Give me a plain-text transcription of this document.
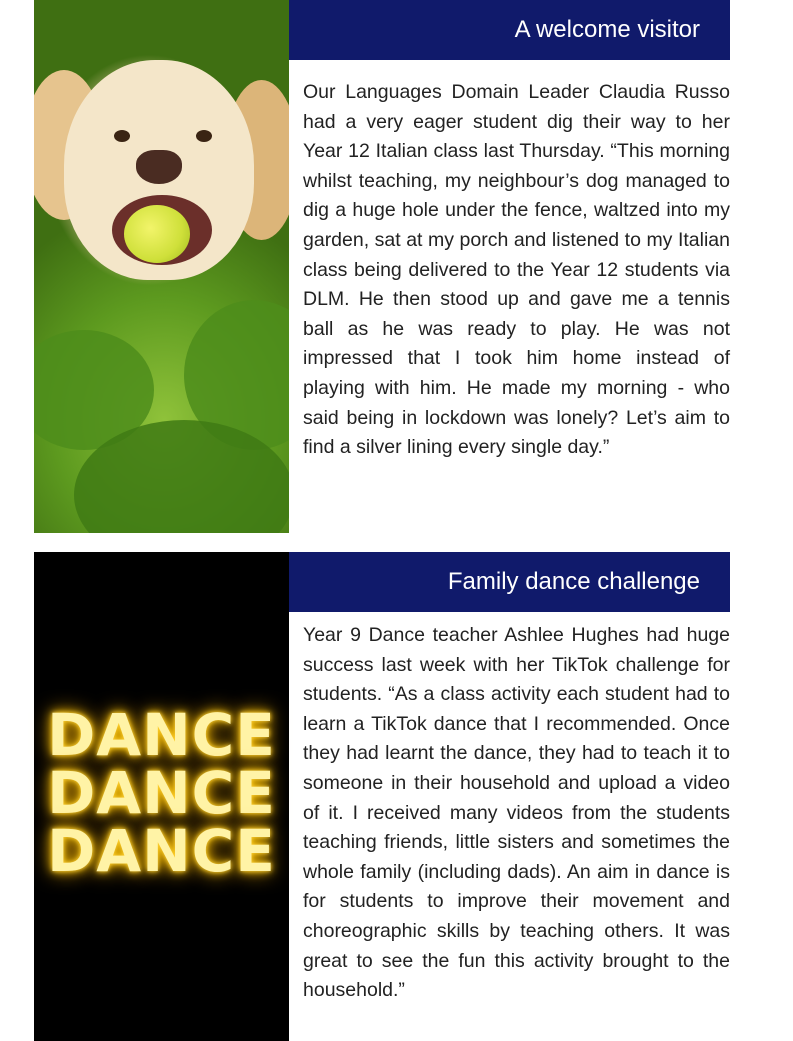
A welcome visitor

Our Languages Domain Leader Claudia Russo had a very eager student dig their way to her Year 12 Italian class last Thursday. “This morning whilst teaching, my neighbour’s dog managed to dig a huge hole under the fence, waltzed into my garden, sat at my porch and listened to my Italian class being delivered to the Year 12 students via DLM. He then stood up and gave me a tennis ball as he was ready to play. He was not impressed that I took him home instead of playing with him. He made my morning - who said being in lockdown was lonely? Let’s aim to find a silver lining every single day.”

DANCE
DANCE
DANCE
Family dance challenge

Year 9 Dance teacher Ashlee Hughes had huge success last week with her TikTok challenge for students. “As a class activity each student had to learn a TikTok dance that I recommended. Once they had learnt the dance, they had to teach it to someone in their household and upload a video of it. I received many videos from the students teaching friends, little sisters and sometimes the whole family (including dads). An aim in dance is for students to improve their movement and choreographic skills by teaching others. It was great to see the fun this activity brought to the household.”
